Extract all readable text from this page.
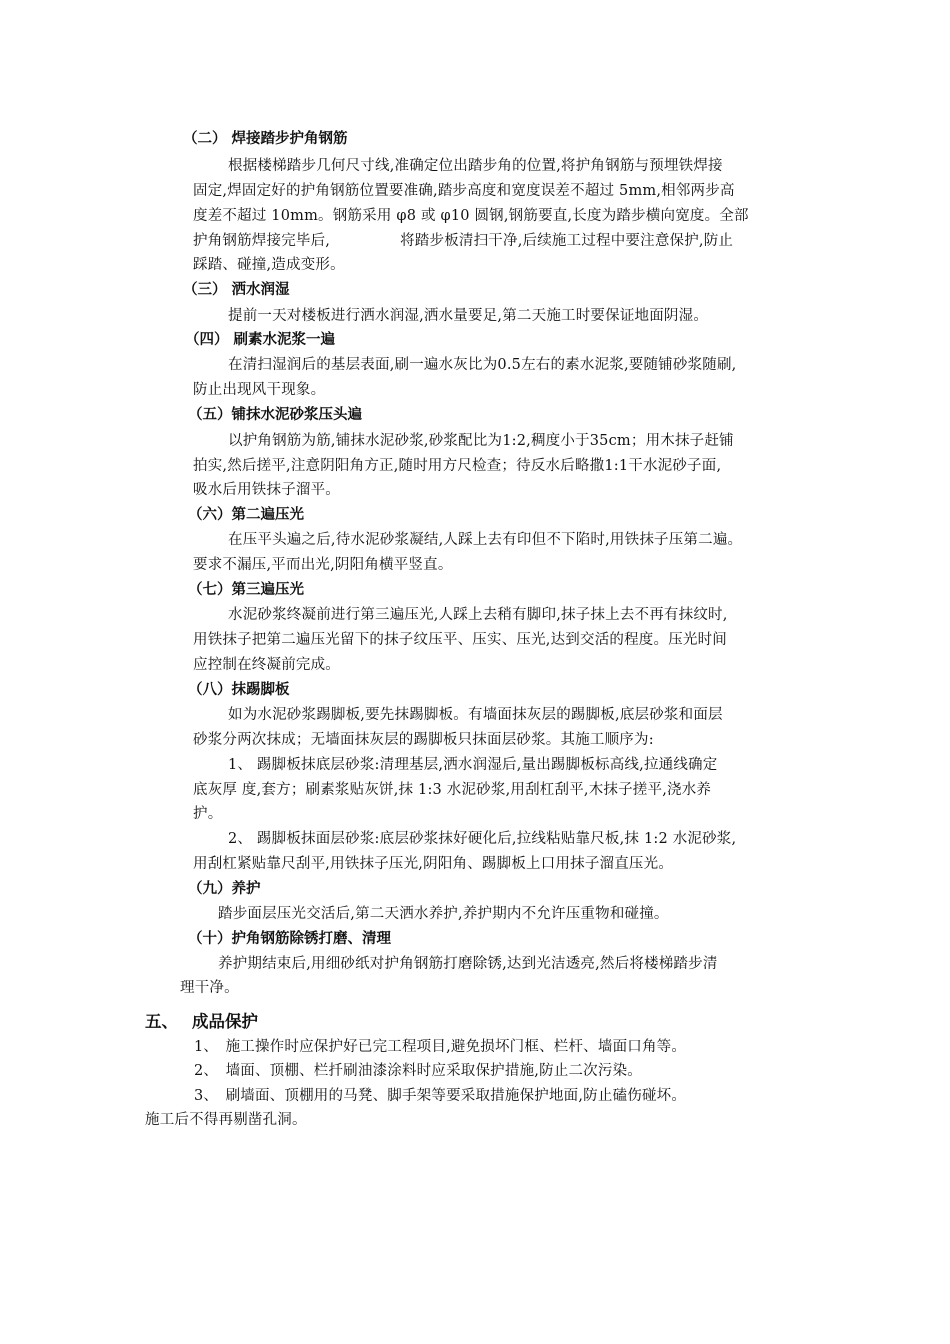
（二） 焊接踏步护角钢筋
根据楼梯踏步几何尺寸线,准确定位出踏步角的位置,将护角钢筋与预埋铁焊接
固定,焊固定好的护角钢筋位置要准确,踏步高度和宽度误差不超过 5mm,相邻两步高
度差不超过 10mm。钢筋采用 φ8 或 φ10 圆钢,钢筋要直,长度为踏步横向宽度。全部
护角钢筋焊接完毕后,	将踏步板清扫干净,后续施工过程中要注意保护,防止
踩踏、碰撞,造成变形。
（三） 洒水润湿
提前一天对楼板进行洒水润湿,洒水量要足,第二天施工时要保证地面阴湿。
（四） 刷素水泥浆一遍
在清扫湿润后的基层表面,刷一遍水灰比为0.5左右的素水泥浆,要随铺砂浆随刷,
防止出现风干现象。
（五）铺抹水泥砂浆压头遍
以护角钢筋为筋,铺抹水泥砂浆,砂浆配比为1:2,稠度小于35cm；用木抹子赶铺
拍实,然后搓平,注意阴阳角方正,随时用方尺检查；待反水后略撒1:1干水泥砂子面,
吸水后用铁抹子溜平。
（六）第二遍压光
在压平头遍之后,待水泥砂浆凝结,人踩上去有印但不下陷时,用铁抹子压第二遍。
要求不漏压,平而出光,阴阳角横平竖直。
（七）第三遍压光
水泥砂浆终凝前进行第三遍压光,人踩上去稍有脚印,抹子抹上去不再有抹纹时,
用铁抹子把第二遍压光留下的抹子纹压平、压实、压光,达到交活的程度。压光时间
应控制在终凝前完成。
（八）抹踢脚板
如为水泥砂浆踢脚板,要先抹踢脚板。有墙面抹灰层的踢脚板,底层砂浆和面层
砂浆分两次抹成；无墙面抹灰层的踢脚板只抹面层砂浆。其施工顺序为:
1、 踢脚板抹底层砂浆:清理基层,洒水润湿后,量出踢脚板标高线,拉通线确定
底灰厚 度,套方；刷素浆贴灰饼,抹 1:3 水泥砂浆,用刮杠刮平,木抹子搓平,浇水养
护。
2、 踢脚板抹面层砂浆:底层砂浆抹好硬化后,拉线粘贴靠尺板,抹 1:2 水泥砂浆,
用刮杠紧贴靠尺刮平,用铁抹子压光,阴阳角、踢脚板上口用抹子溜直压光。
（九）养护
踏步面层压光交活后,第二天洒水养护,养护期内不允许压重物和碰撞。
（十）护角钢筋除锈打磨、清理
养护期结束后,用细砂纸对护角钢筋打磨除锈,达到光洁透亮,然后将楼梯踏步清
理干净。
五、　 成品保护
1、　施工操作时应保护好已完工程项目,避免损坏门框、栏杆、墙面口角等。
2、　墙面、顶棚、栏扦刷油漆涂料时应采取保护措施,防止二次污染。
3、　刷墙面、顶棚用的马凳、脚手架等要采取措施保护地面,防止磕伤碰坏。
施工后不得再剔凿孔洞。
